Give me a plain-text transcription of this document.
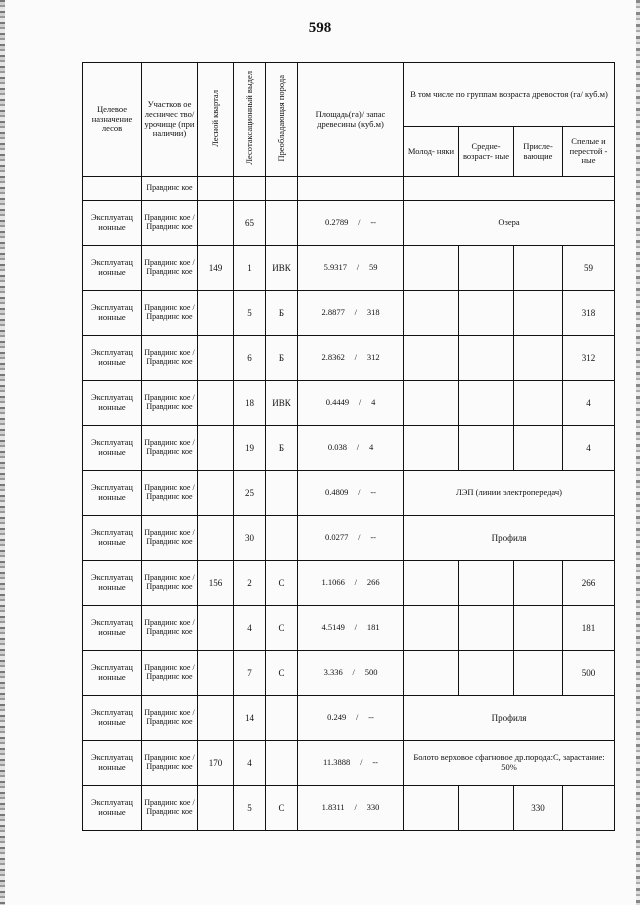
598
Целевое назначение лесов	Участков ое лесничес тво/ урочище (при наличии)	Лесной квартал	Лесотаксационный выдел	Преобладающая порода	Площадь(га)/ запас древесины (куб.м)	В том числе по группам возраста древостоя (га/ куб.м)			
						Молод- няки	Средне- возраст- ные	Присле- вающие	Спелые и перестой - ные
	Правдинс кое								
Эксплуатац ионные	Правдинс кое / Правдинс кое		65		0.2789 / --	Озера			
Эксплуатац ионные	Правдинс кое / Правдинс кое	149	1	ИВК	5.9317 / 59				59
Эксплуатац ионные	Правдинс кое / Правдинс кое		5	Б	2.8877 / 318				318
Эксплуатац ионные	Правдинс кое / Правдинс кое		6	Б	2.8362 / 312				312
Эксплуатац ионные	Правдинс кое / Правдинс кое		18	ИВК	0.4449 / 4				4
Эксплуатац ионные	Правдинс кое / Правдинс кое		19	Б	0.038 / 4				4
Эксплуатац ионные	Правдинс кое / Правдинс кое		25		0.4809 / --	ЛЭП (линии электропередач)			
Эксплуатац ионные	Правдинс кое / Правдинс кое		30		0.0277 / --	Профиля			
Эксплуатац ионные	Правдинс кое / Правдинс кое	156	2	С	1.1066 / 266				266
Эксплуатац ионные	Правдинс кое / Правдинс кое		4	С	4.5149 / 181				181
Эксплуатац ионные	Правдинс кое / Правдинс кое		7	С	3.336 / 500				500
Эксплуатац ионные	Правдинс кое / Правдинс кое		14		0.249 / --	Профиля			
Эксплуатац ионные	Правдинс кое / Правдинс кое	170	4		11.3888 / --	Болото верховое сфагновое др.порода:С, зарастание: 50%			
Эксплуатац ионные	Правдинс кое / Правдинс кое		5	С	1.8311 / 330			330	
